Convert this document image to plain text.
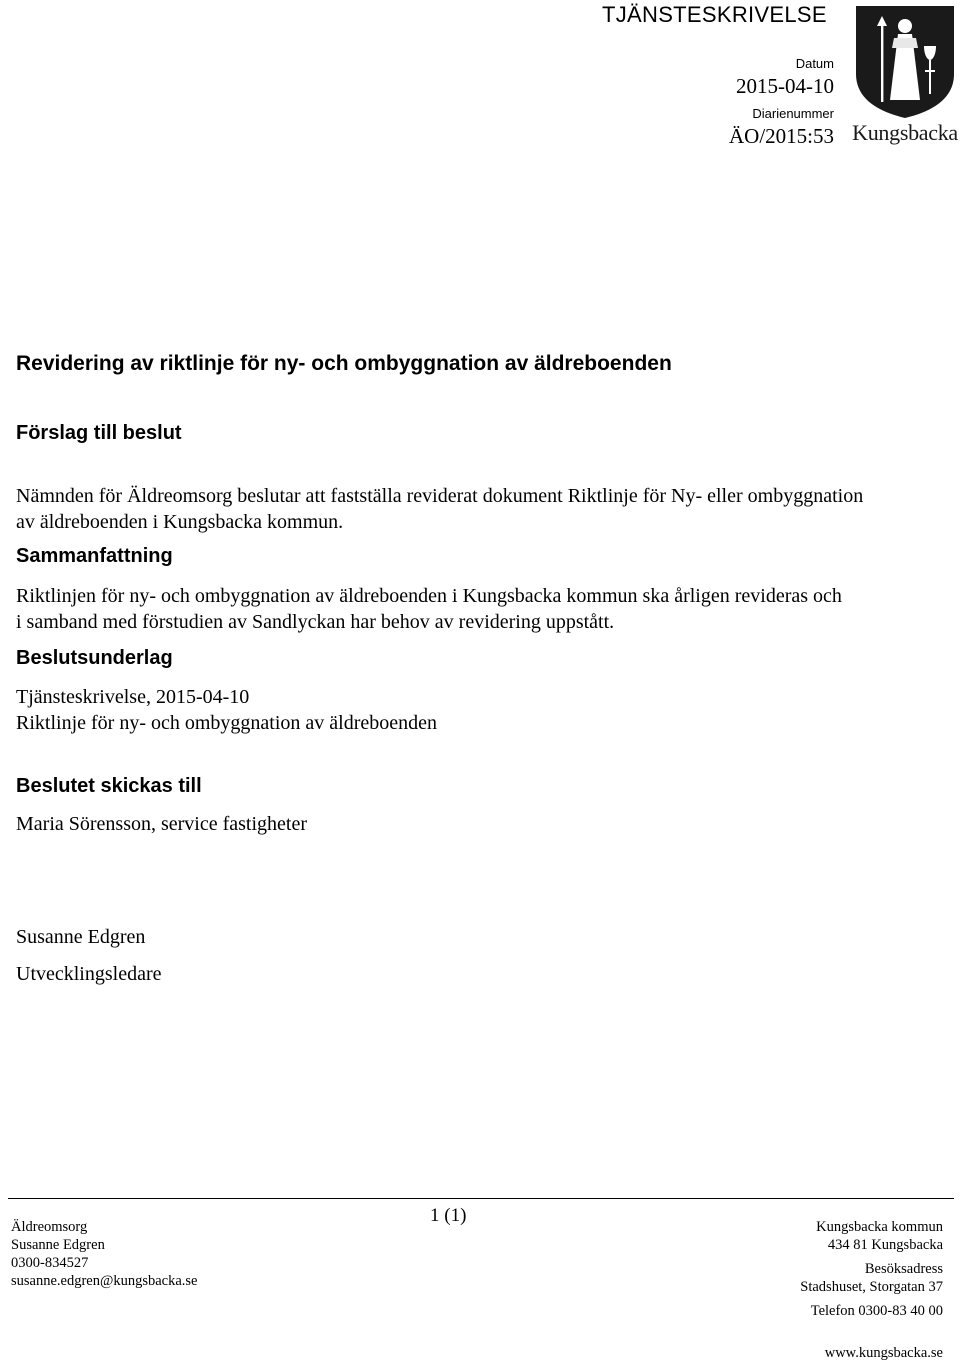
TJÄNSTESKRIVELSE
Datum
2015-04-10
Diarienummer
ÄO/2015:53 Kungsbacka
Revidering av riktlinje för ny- och ombyggnation av äldreboenden
Förslag till beslut
Nämnden för Äldreomsorg beslutar att fastställa reviderat dokument Riktlinje för Ny- eller ombyggnation
av äldreboenden i Kungsbacka kommun.
Sammanfattning
Riktlinjen för ny- och ombyggnation av äldreboenden i Kungsbacka kommun ska årligen revideras och
i samband med förstudien av Sandlyckan har behov av revidering uppstått.
Beslutsunderlag
Tjänsteskrivelse, 2015-04-10
Riktlinje för ny- och ombyggnation av äldreboenden
Beslutet skickas till
Maria Sörensson, service fastigheter
Susanne Edgren
Utvecklingsledare
Äldreomsorg
Susanne Edgren
0300-834527
susanne.edgren@kungsbacka.se
1 (1)
Kungsbacka kommun
434 81 Kungsbacka
Besöksadress
Stadshuset, Storgatan 37
Telefon 0300-83 40 00
www.kungsbacka.se
